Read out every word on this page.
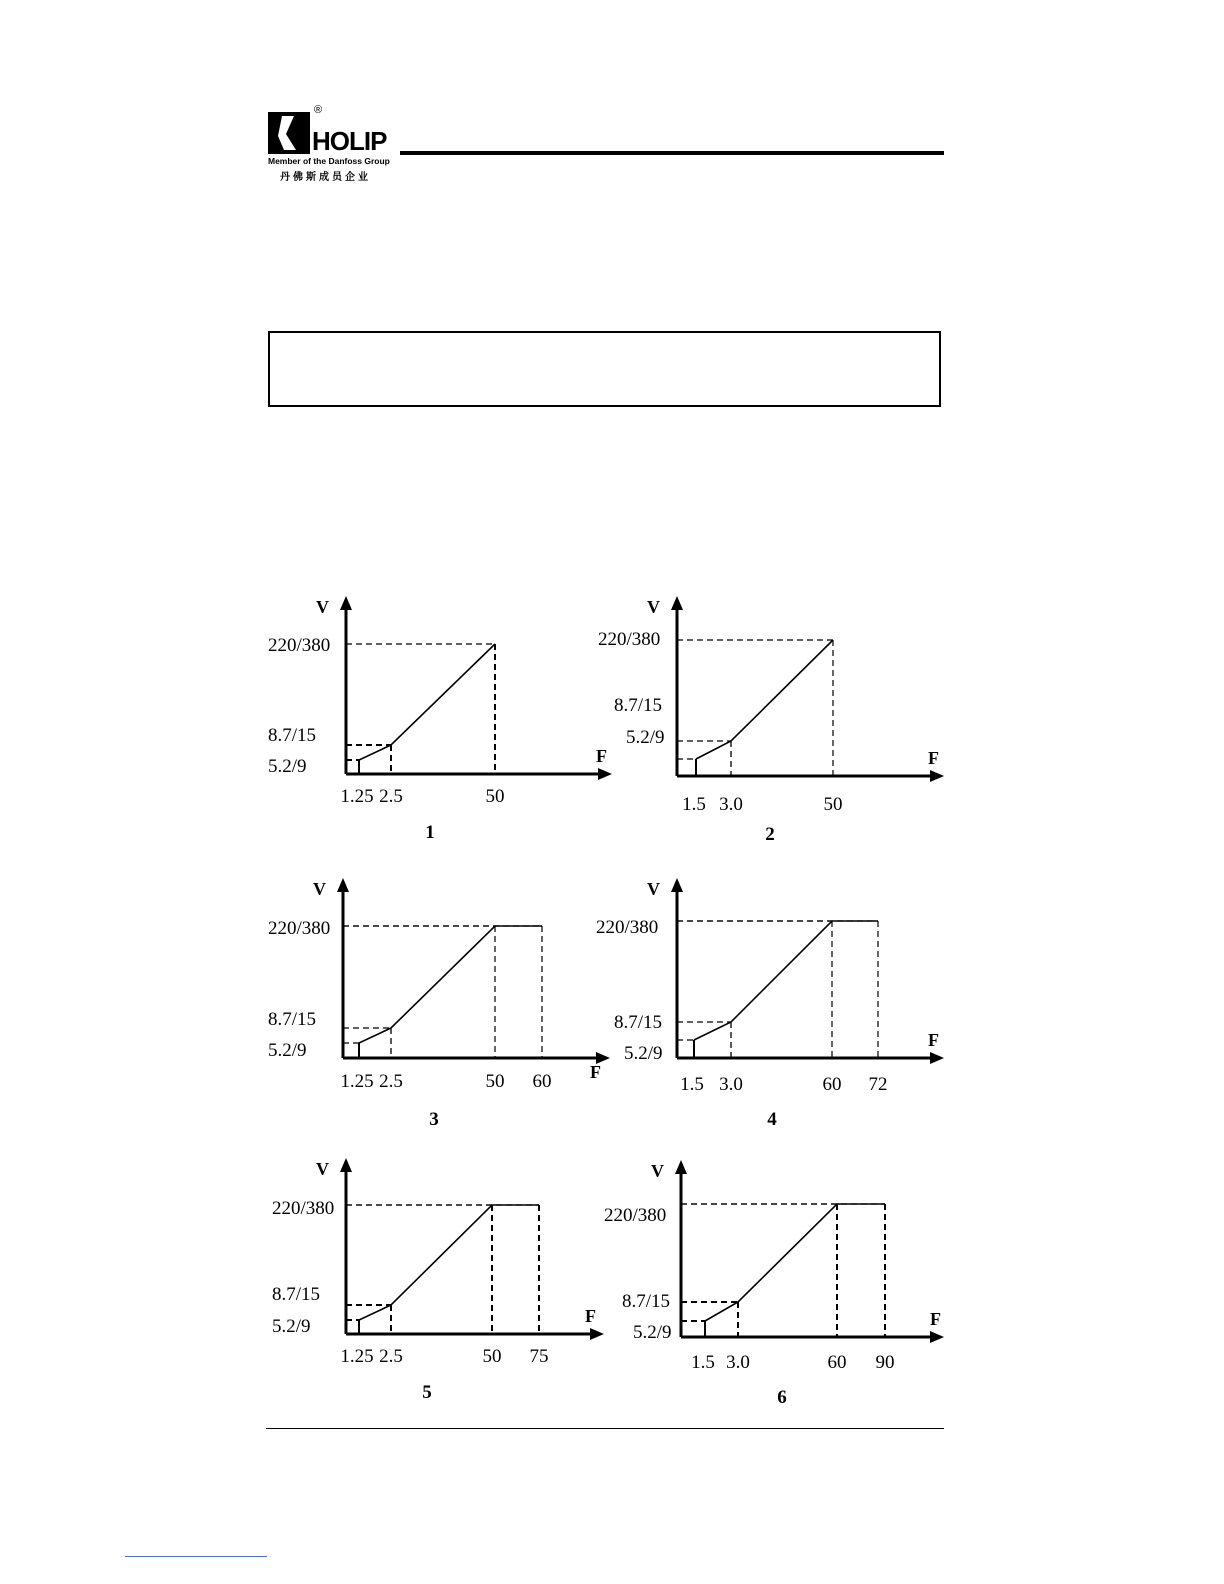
®
HOLIP
Member of the Danfoss Group
丹佛斯成员企业
V
F
220/380
8.7/15
5.2/9
1.25 2.5	50
1
V
F
220/380
8.7/15
5.2/9
1.5 3.0	50
2
V
F
220/380
8.7/15
5.2/9
1.25 2.5	50 60
3
V
F
220/380
8.7/15
5.2/9
1.5 3.0	60 72
4
V
F
220/380
8.7/15
5.2/9
1.25 2.5	50 75
5
V
F
220/380
8.7/15
5.2/9
1.5 3.0	60 90
6
